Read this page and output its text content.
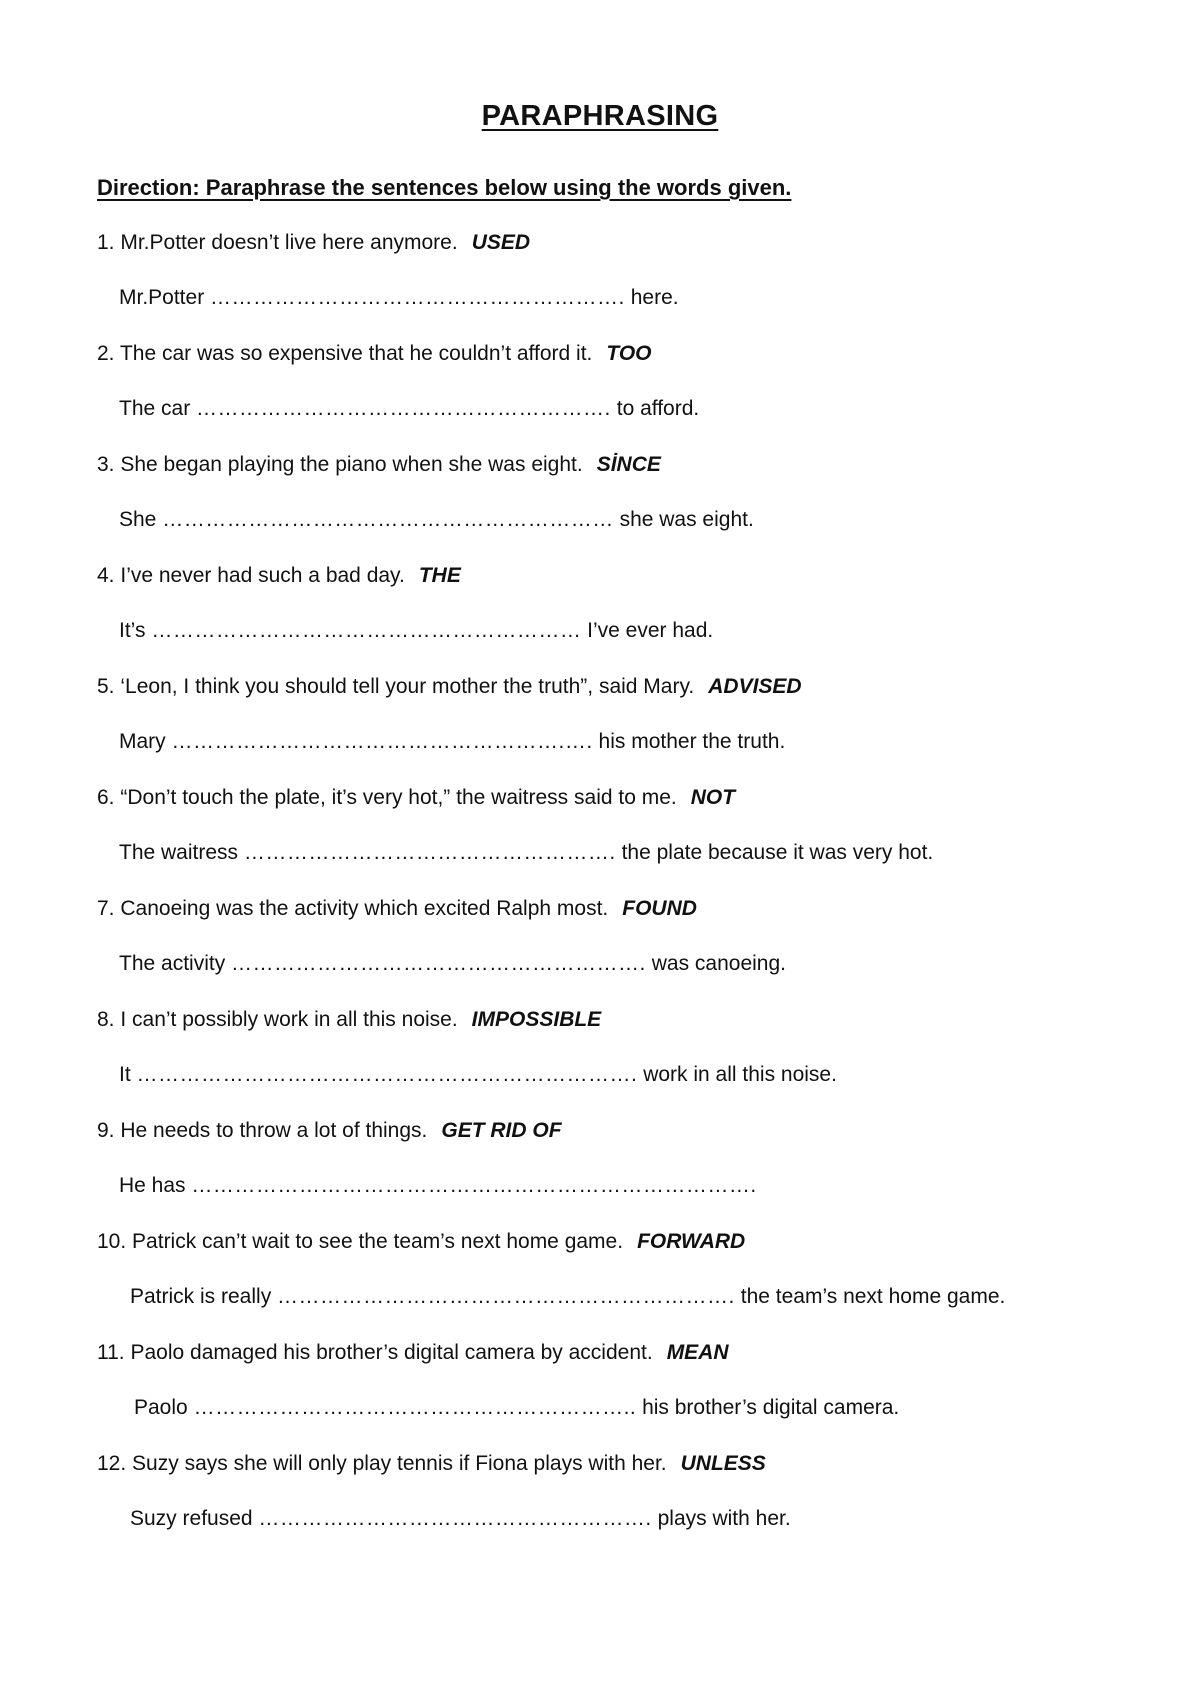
PARAPHRASING
Direction: Paraphrase the sentences below using the words given.
1. Mr.Potter doesn’t live here anymore. USED
Mr.Potter …………………………………………………. here.
2. The car was so expensive that he couldn’t afford it. TOO
The car …………………………………………………. to afford.
3. She began playing the piano when she was eight. SİNCE
She ……………………………………………………… she was eight.
4. I’ve never had such a bad day. THE
It’s …………………………………………………… I’ve ever had.
5. ‘Leon, I think you should tell your mother the truth”, said Mary. ADVISED
Mary ……………………………………………….…. his mother the truth.
6. “Don’t touch the plate, it’s very hot,” the waitress said to me. NOT
The waitress ……………………………………………. the plate because it was very hot.
7. Canoeing was the activity which excited Ralph most. FOUND
The activity …………………………………………………. was canoeing.
8. I can’t possibly work in all this noise. IMPOSSIBLE
It ……………………………………………………………. work in all this noise.
9. He needs to throw a lot of things. GET RID OF
He has …………………………………………………………………….
10. Patrick can’t wait to see the team’s next home game. FORWARD
Patrick is really ………………………………………………………. the team’s next home game.
11. Paolo damaged his brother’s digital camera by accident. MEAN
Paolo …………………………………………………….. his brother’s digital camera.
12. Suzy says she will only play tennis if Fiona plays with her. UNLESS
Suzy refused ………………………………………………. plays with her.
